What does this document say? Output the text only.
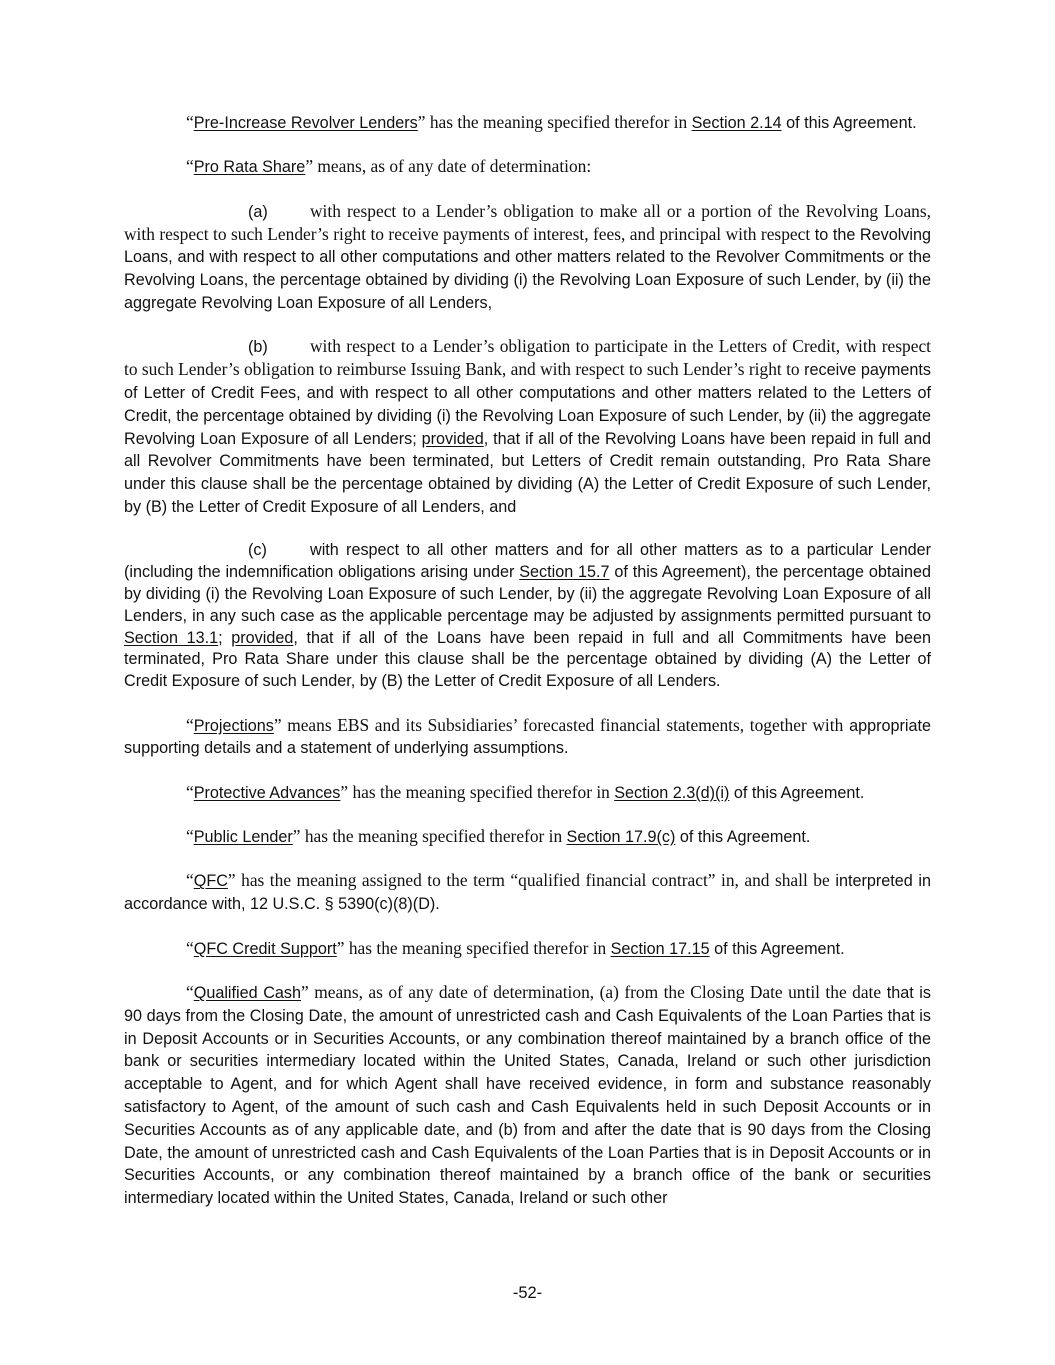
“Pre-Increase Revolver Lenders” has the meaning specified therefor in Section 2.14 of this Agreement.

“Pro Rata Share” means, as of any date of determination:

(a) with respect to a Lender’s obligation to make all or a portion of the Revolving Loans, with respect to such Lender’s right to receive payments of interest, fees, and principal with respect to the Revolving Loans, and with respect to all other computations and other matters related to the Revolver Commitments or the Revolving Loans, the percentage obtained by dividing (i) the Revolving Loan Exposure of such Lender, by (ii) the aggregate Revolving Loan Exposure of all Lenders,

(b) with respect to a Lender’s obligation to participate in the Letters of Credit, with respect to such Lender’s obligation to reimburse Issuing Bank, and with respect to such Lender’s right to receive payments of Letter of Credit Fees, and with respect to all other computations and other matters related to the Letters of Credit, the percentage obtained by dividing (i) the Revolving Loan Exposure of such Lender, by (ii) the aggregate Revolving Loan Exposure of all Lenders; provided, that if all of the Revolving Loans have been repaid in full and all Revolver Commitments have been terminated, but Letters of Credit remain outstanding, Pro Rata Share under this clause shall be the percentage obtained by dividing (A) the Letter of Credit Exposure of such Lender, by (B) the Letter of Credit Exposure of all Lenders, and

(c)	with respect to all other matters and for all other matters as to a particular Lender (including the indemnification obligations arising under Section 15.7 of this Agreement), the percentage obtained by dividing (i) the Revolving Loan Exposure of such Lender, by (ii) the aggregate Revolving Loan Exposure of all Lenders, in any such case as the applicable percentage may be adjusted by assignments permitted pursuant to Section 13.1; provided, that if all of the Loans have been repaid in full and all Commitments have been terminated, Pro Rata Share under this clause shall be the percentage obtained by dividing (A) the Letter of Credit Exposure of such Lender, by (B) the Letter of Credit Exposure of all Lenders.

“Projections” means EBS and its Subsidiaries’ forecasted financial statements, together with appropriate supporting details and a statement of underlying assumptions.

“Protective Advances” has the meaning specified therefor in Section 2.3(d)(i) of this Agreement.

“Public Lender” has the meaning specified therefor in Section 17.9(c) of this Agreement.

“QFC” has the meaning assigned to the term “qualified financial contract” in, and shall be interpreted in accordance with, 12 U.S.C. § 5390(c)(8)(D).

“QFC Credit Support” has the meaning specified therefor in Section 17.15 of this Agreement.

“Qualified Cash” means, as of any date of determination, (a) from the Closing Date until the date that is 90 days from the Closing Date, the amount of unrestricted cash and Cash Equivalents of the Loan Parties that is in Deposit Accounts or in Securities Accounts, or any combination thereof maintained by a branch office of the bank or securities intermediary located within the United States, Canada, Ireland or such other jurisdiction acceptable to Agent, and for which Agent shall have received evidence, in form and substance reasonably satisfactory to Agent, of the amount of such cash and Cash Equivalents held in such Deposit Accounts or in Securities Accounts as of any applicable date, and (b) from and after the date that is 90 days from the Closing Date, the amount of unrestricted cash and Cash Equivalents of the Loan Parties that is in Deposit Accounts or in Securities Accounts, or any combination thereof maintained by a branch office of the bank or securities intermediary located within the United States, Canada, Ireland or such other

-52-
